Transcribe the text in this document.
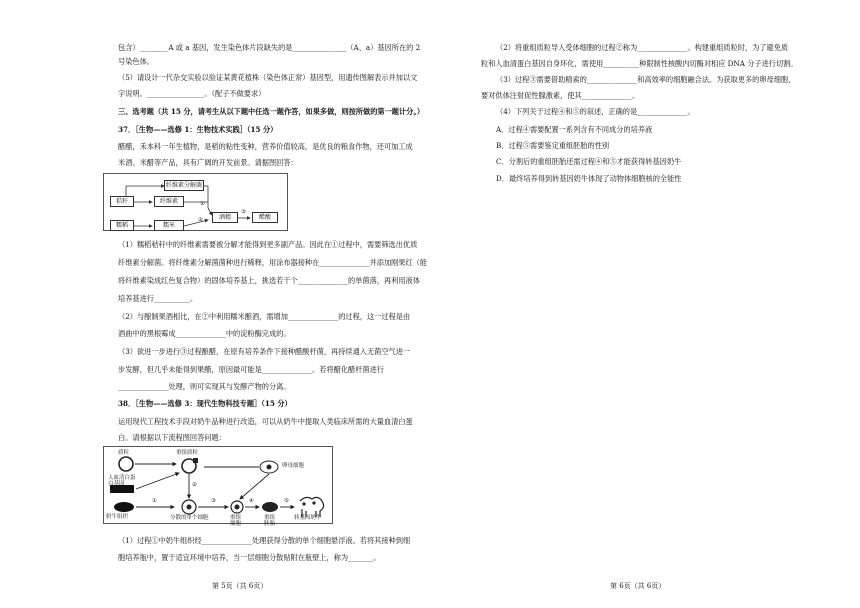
包含）________A 或 a 基因，发生染色体片段缺失的是_______________（A、a）基因所在的 2
号染色体。
（5）请设计一代杂交实验以验证某黄花植株（染色体正常）基因型，用遗传图解表示并加以文
字说明。________________。（配子不做要求）
三、选考题（共 15 分，请考生从以下题中任选一题作答，如果多做，则按所做的第一题计分。）
37．［生物——选修 1：生物技术实践］（15 分）
醋醋，禾本科一年生植物，是稻的粘性变种，营养价值较高，是优良的粮食作物，还可加工成
米酒、米醋等产品，具有广阔的开发前景。请据图回答：
秸秆
纤维素分解菌
纤维素
糯稻	糯米
酒精	醋酸
①
②
③
（1）糯稻秸秆中的纤维素需要被分解才能得到更多副产品。因此在①过程中，需要筛选出优质
纤维素分解菌。将纤维素分解菌菌种进行稀释，用涂布器接种在______________并添加刚果红（能
将纤维素染成红色复合物）的固体培养基上，挑选若干个______________的单菌落，再利用液体
培养基进行__________。
（2）与酿制果酒相比，在②中利用糯米酿酒，需增加______________的过程，这一过程是由
酒曲中的黑根霉成______________中的淀粉酶完成的。
（3）欲进一步进行③过程酿醋，在原有培养条件下接种醋酸杆菌，再持续通入无菌空气进一
步发酵，但几乎未能得到果醋，原因最可能是______________。若将醋化醋杆菌进行
______________处理，则可实现其与发酵产物的分离。
38．［生物——选修 3：现代生物科技专题］（15 分）
运用现代工程技术手段对奶牛品种进行改造，可以从奶牛中提取人类临床所需的大量血清白蛋
白。请根据以下流程图回答问题：
质粒	重组质粒
卵母细胞
人血清白蛋白基因
奶牛组织	分散的单个细胞	重组细胞
重组胚胎
转基因奶牛
①
②
③	④	⑤
（1）过程①中奶牛组织经______________处理获得分散的单个细胞悬浮液。若将其接种到细
胞培养瓶中，置于适宜环境中培养，当一层细胞分散贴附在瓶壁上，称为_______。
第 5页（共 6页）
（2）将重组质粒导入受体细胞的过程②称为______________。构建重组质粒时，为了避免质
粒和人血清蛋白基因自身环化，需使用__________种限制性核酸内切酶对相应 DNA 分子进行切割。
（3）过程③需要借助精索的______________和高效率的细胞融合法。为获取更多的卵母细胞，
要对供体注射促性腺激素，使其______________。
（4）下列关于过程④和⑤的叙述，正确的是______________。
A．过程④需要配置一系列含有不同成分的培养液
B．过程⑤需要鉴定重组胚胎的性别
C．分割后的重组胚胎还需过程④和⑤才能获得转基因奶牛
D．最终培养得到转基因奶牛体现了动物体细胞核的全能性
第 6页（共 6页）
